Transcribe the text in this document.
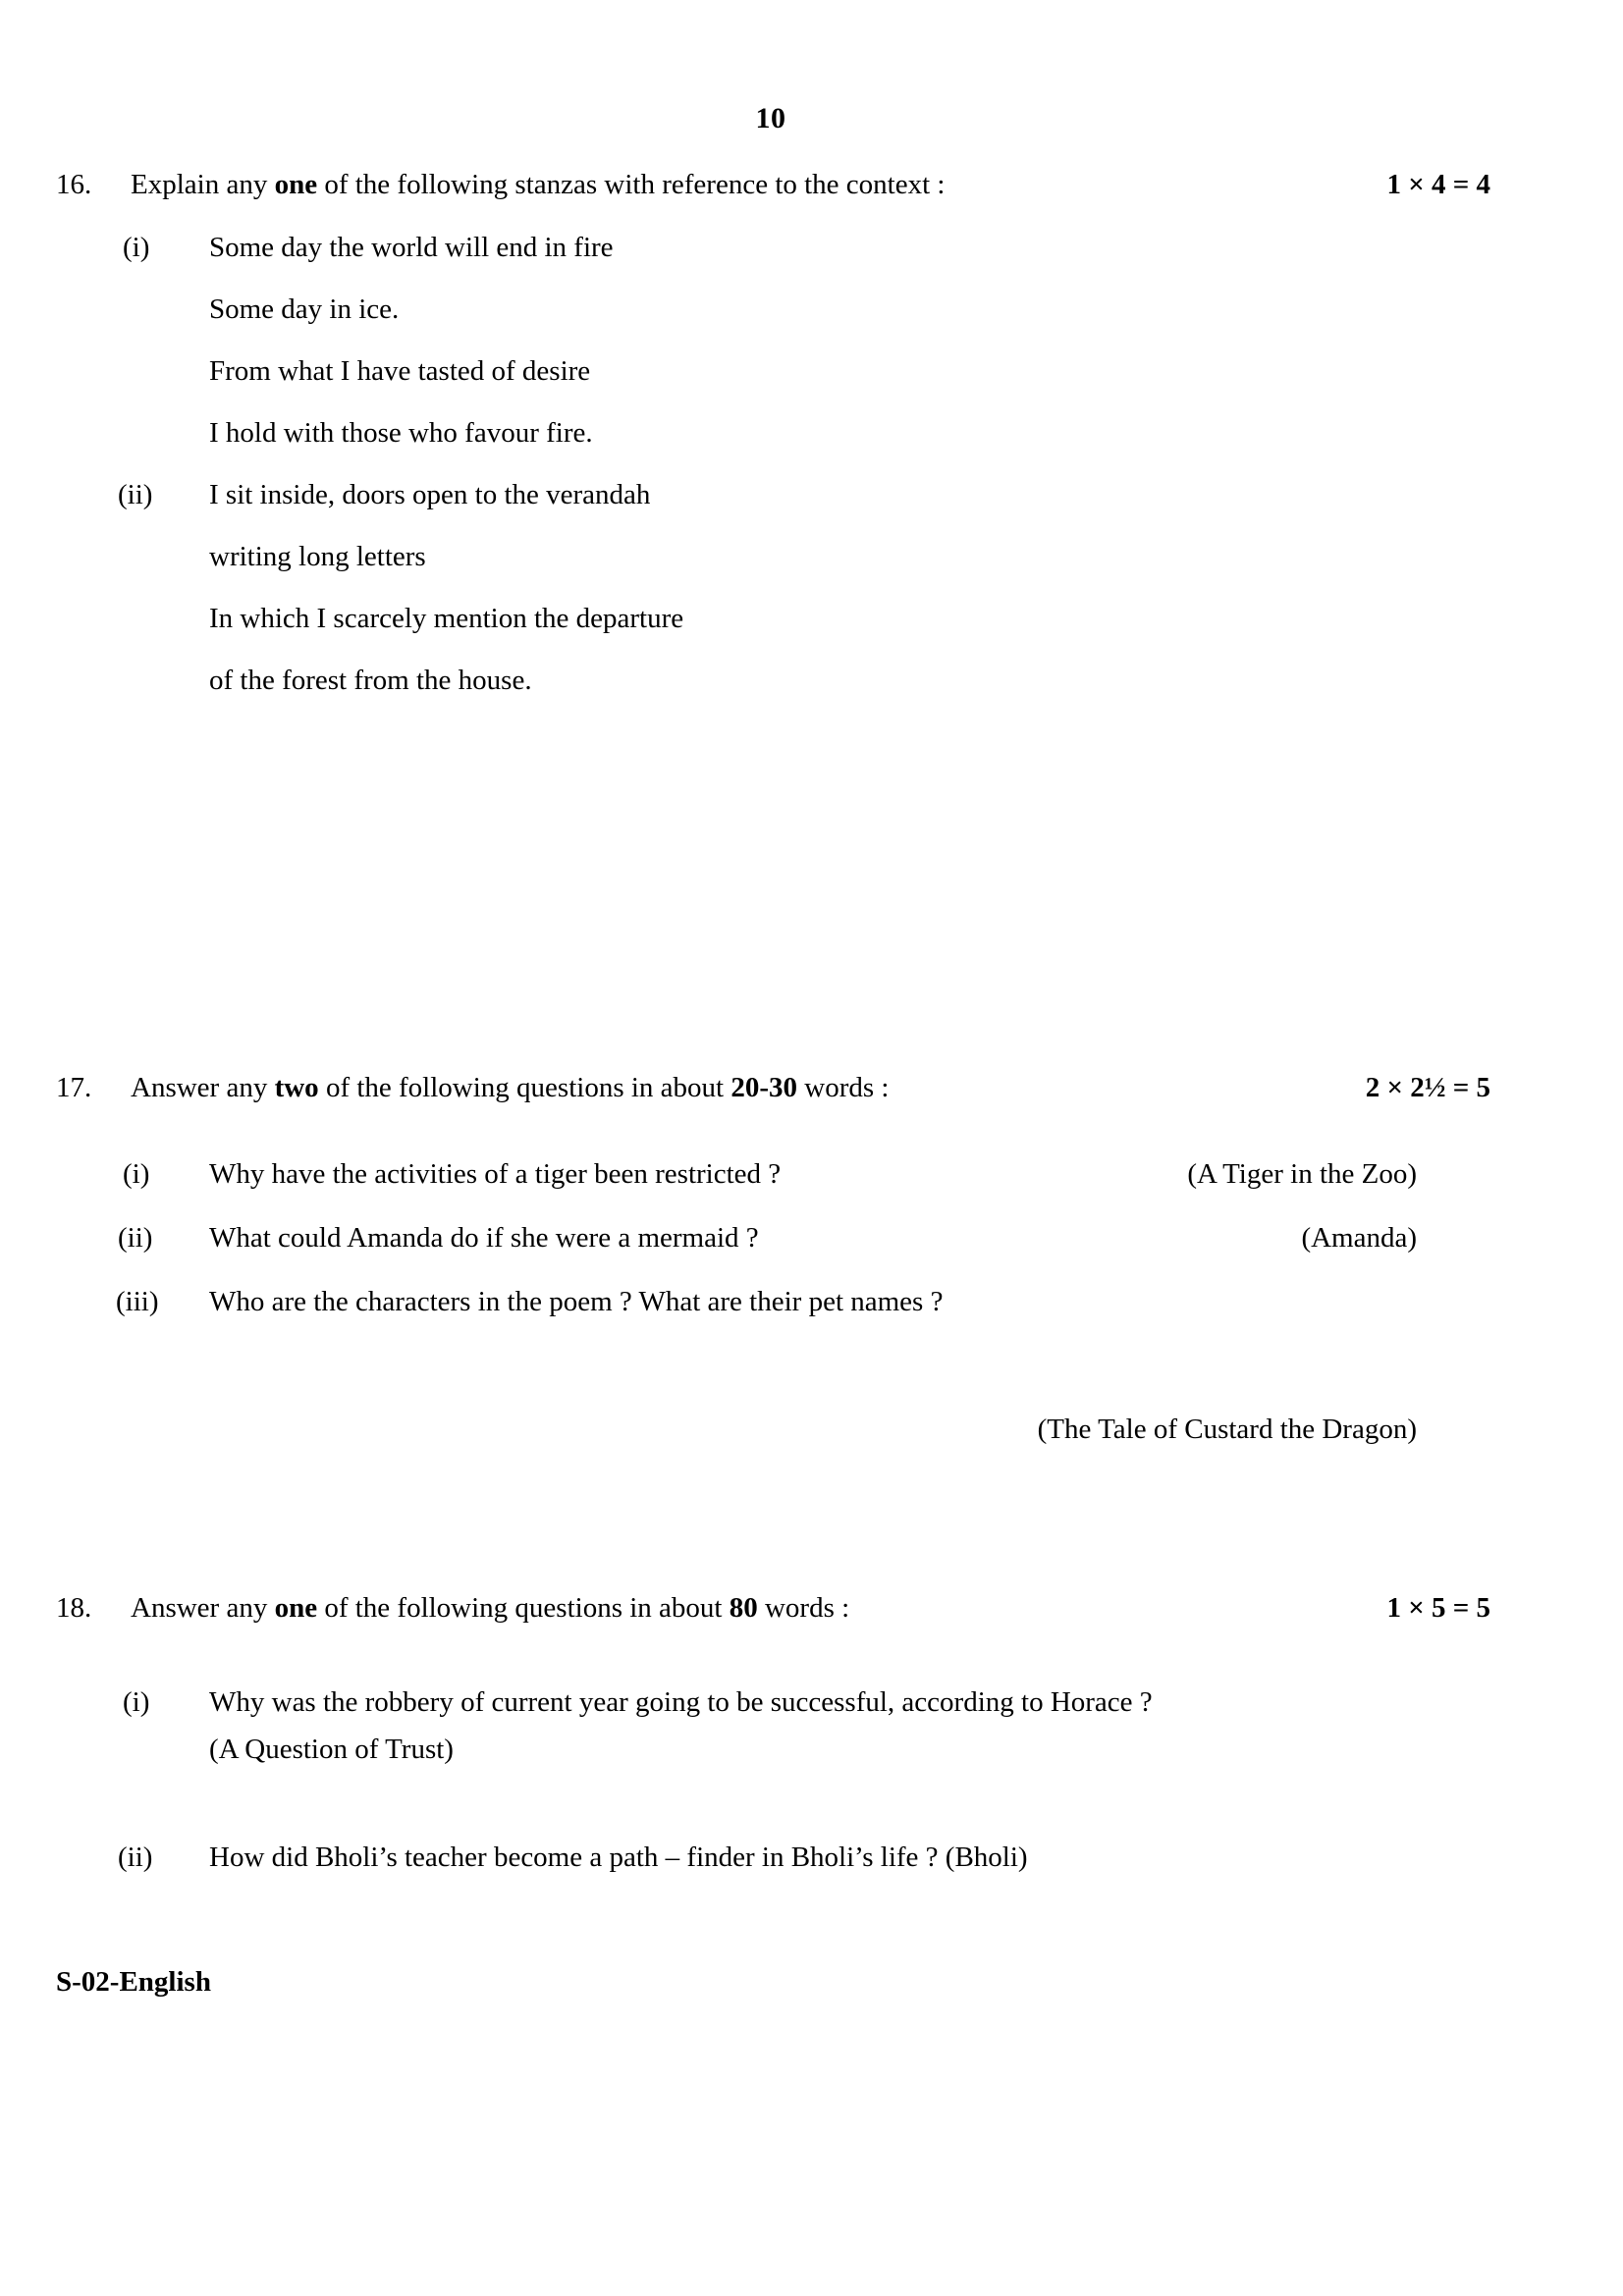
10
16. Explain any one of the following stanzas with reference to the context :	1 × 4 = 4
(i) Some day the world will end in fire
Some day in ice.
From what I have tasted of desire
I hold with those who favour fire.
(ii) I sit inside, doors open to the verandah
writing long letters
In which I scarcely mention the departure
of the forest from the house.
17. Answer any two of the following questions in about 20-30 words :	2 × 2½ = 5
(i) Why have the activities of a tiger been restricted ?	(A Tiger in the Zoo)
(ii) What could Amanda do if she were a mermaid ?	(Amanda)
(iii) Who are the characters in the poem ? What are their pet names ?
(The Tale of Custard the Dragon)
18. Answer any one of the following questions in about 80 words :	1 × 5 = 5
(i) Why was the robbery of current year going to be successful, according to Horace ?
(A Question of Trust)
(ii) How did Bholi’s teacher become a path – finder in Bholi’s life ? (Bholi)
S-02-English
